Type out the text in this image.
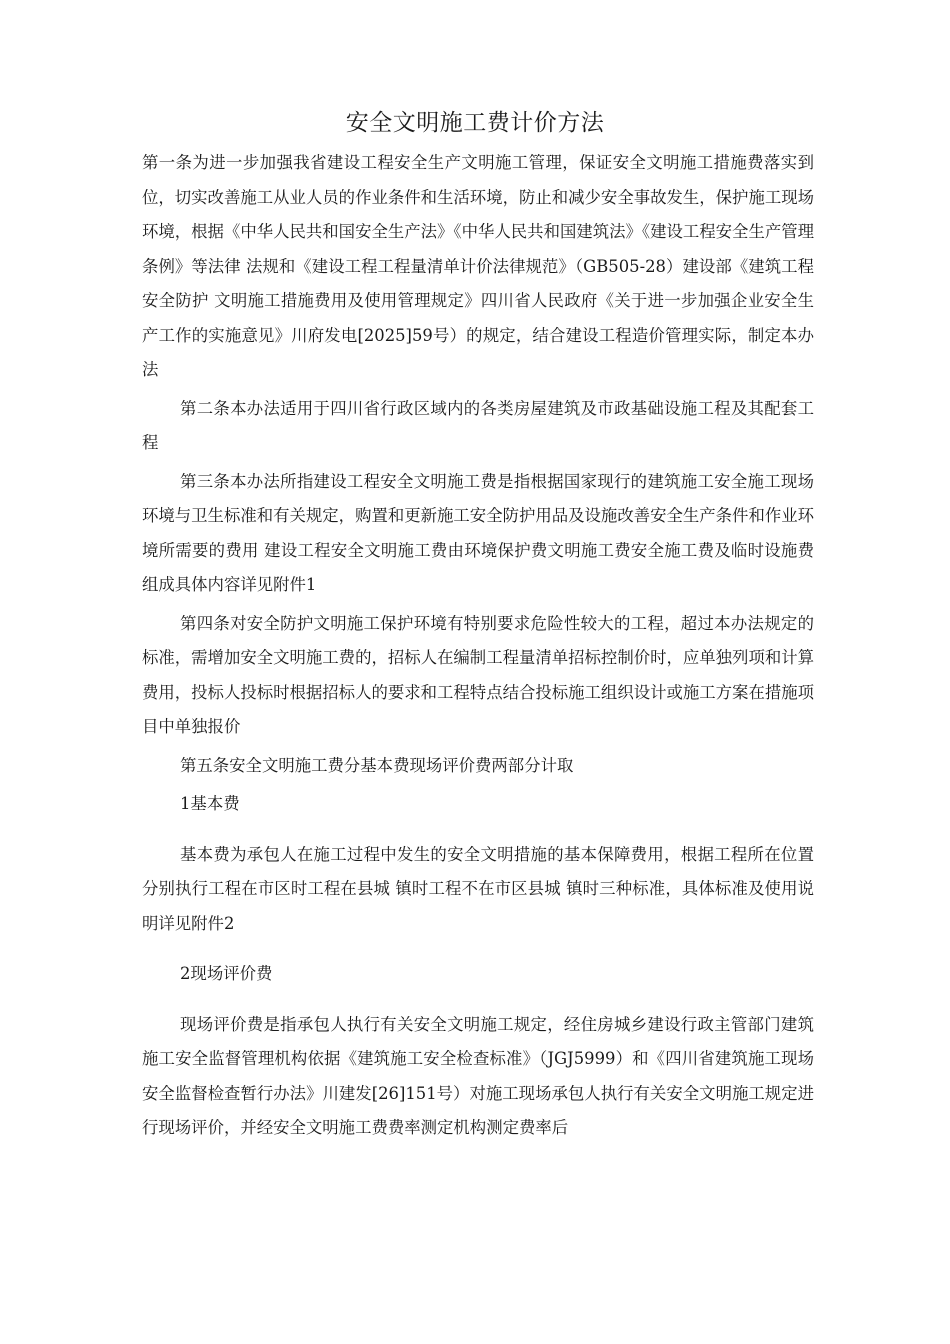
安全文明施工费计价方法

第一条为进一步加强我省建设工程安全生产文明施工管理，保证安全文明施工措施费落实到位，切实改善施工从业人员的作业条件和生活环境，防止和减少安全事故发生，保护施工现场环境，根据《中华人民共和国安全生产法》《中华人民共和国建筑法》《建设工程安全生产管理条例》等法律 法规和《建设工程工程量清单计价法律规范》（GB505-28）建设部《建筑工程安全防护 文明施工措施费用及使用管理规定》四川省人民政府《关于进一步加强企业安全生产工作的实施意见》川府发电[2025]59号）的规定，结合建设工程造价管理实际，制定本办法

第二条本办法适用于四川省行政区域内的各类房屋建筑及市政基础设施工程及其配套工程

第三条本办法所指建设工程安全文明施工费是指根据国家现行的建筑施工安全施工现场环境与卫生标准和有关规定，购置和更新施工安全防护用品及设施改善安全生产条件和作业环境所需要的费用 建设工程安全文明施工费由环境保护费文明施工费安全施工费及临时设施费组成具体内容详见附件1

第四条对安全防护文明施工保护环境有特别要求危险性较大的工程，超过本办法规定的标准，需增加安全文明施工费的，招标人在编制工程量清单招标控制价时，应单独列项和计算费用，投标人投标时根据招标人的要求和工程特点结合投标施工组织设计或施工方案在措施项目中单独报价

第五条安全文明施工费分基本费现场评价费两部分计取

1基本费

基本费为承包人在施工过程中发生的安全文明措施的基本保障费用，根据工程所在位置分别执行工程在市区时工程在县城 镇时工程不在市区县城 镇时三种标准，具体标准及使用说明详见附件2

2现场评价费

现场评价费是指承包人执行有关安全文明施工规定，经住房城乡建设行政主管部门建筑施工安全监督管理机构依据《建筑施工安全检查标准》（JGJ5999）和《四川省建筑施工现场安全监督检查暂行办法》川建发[26]151号）对施工现场承包人执行有关安全文明施工规定进行现场评价，并经安全文明施工费费率测定机构测定费率后
